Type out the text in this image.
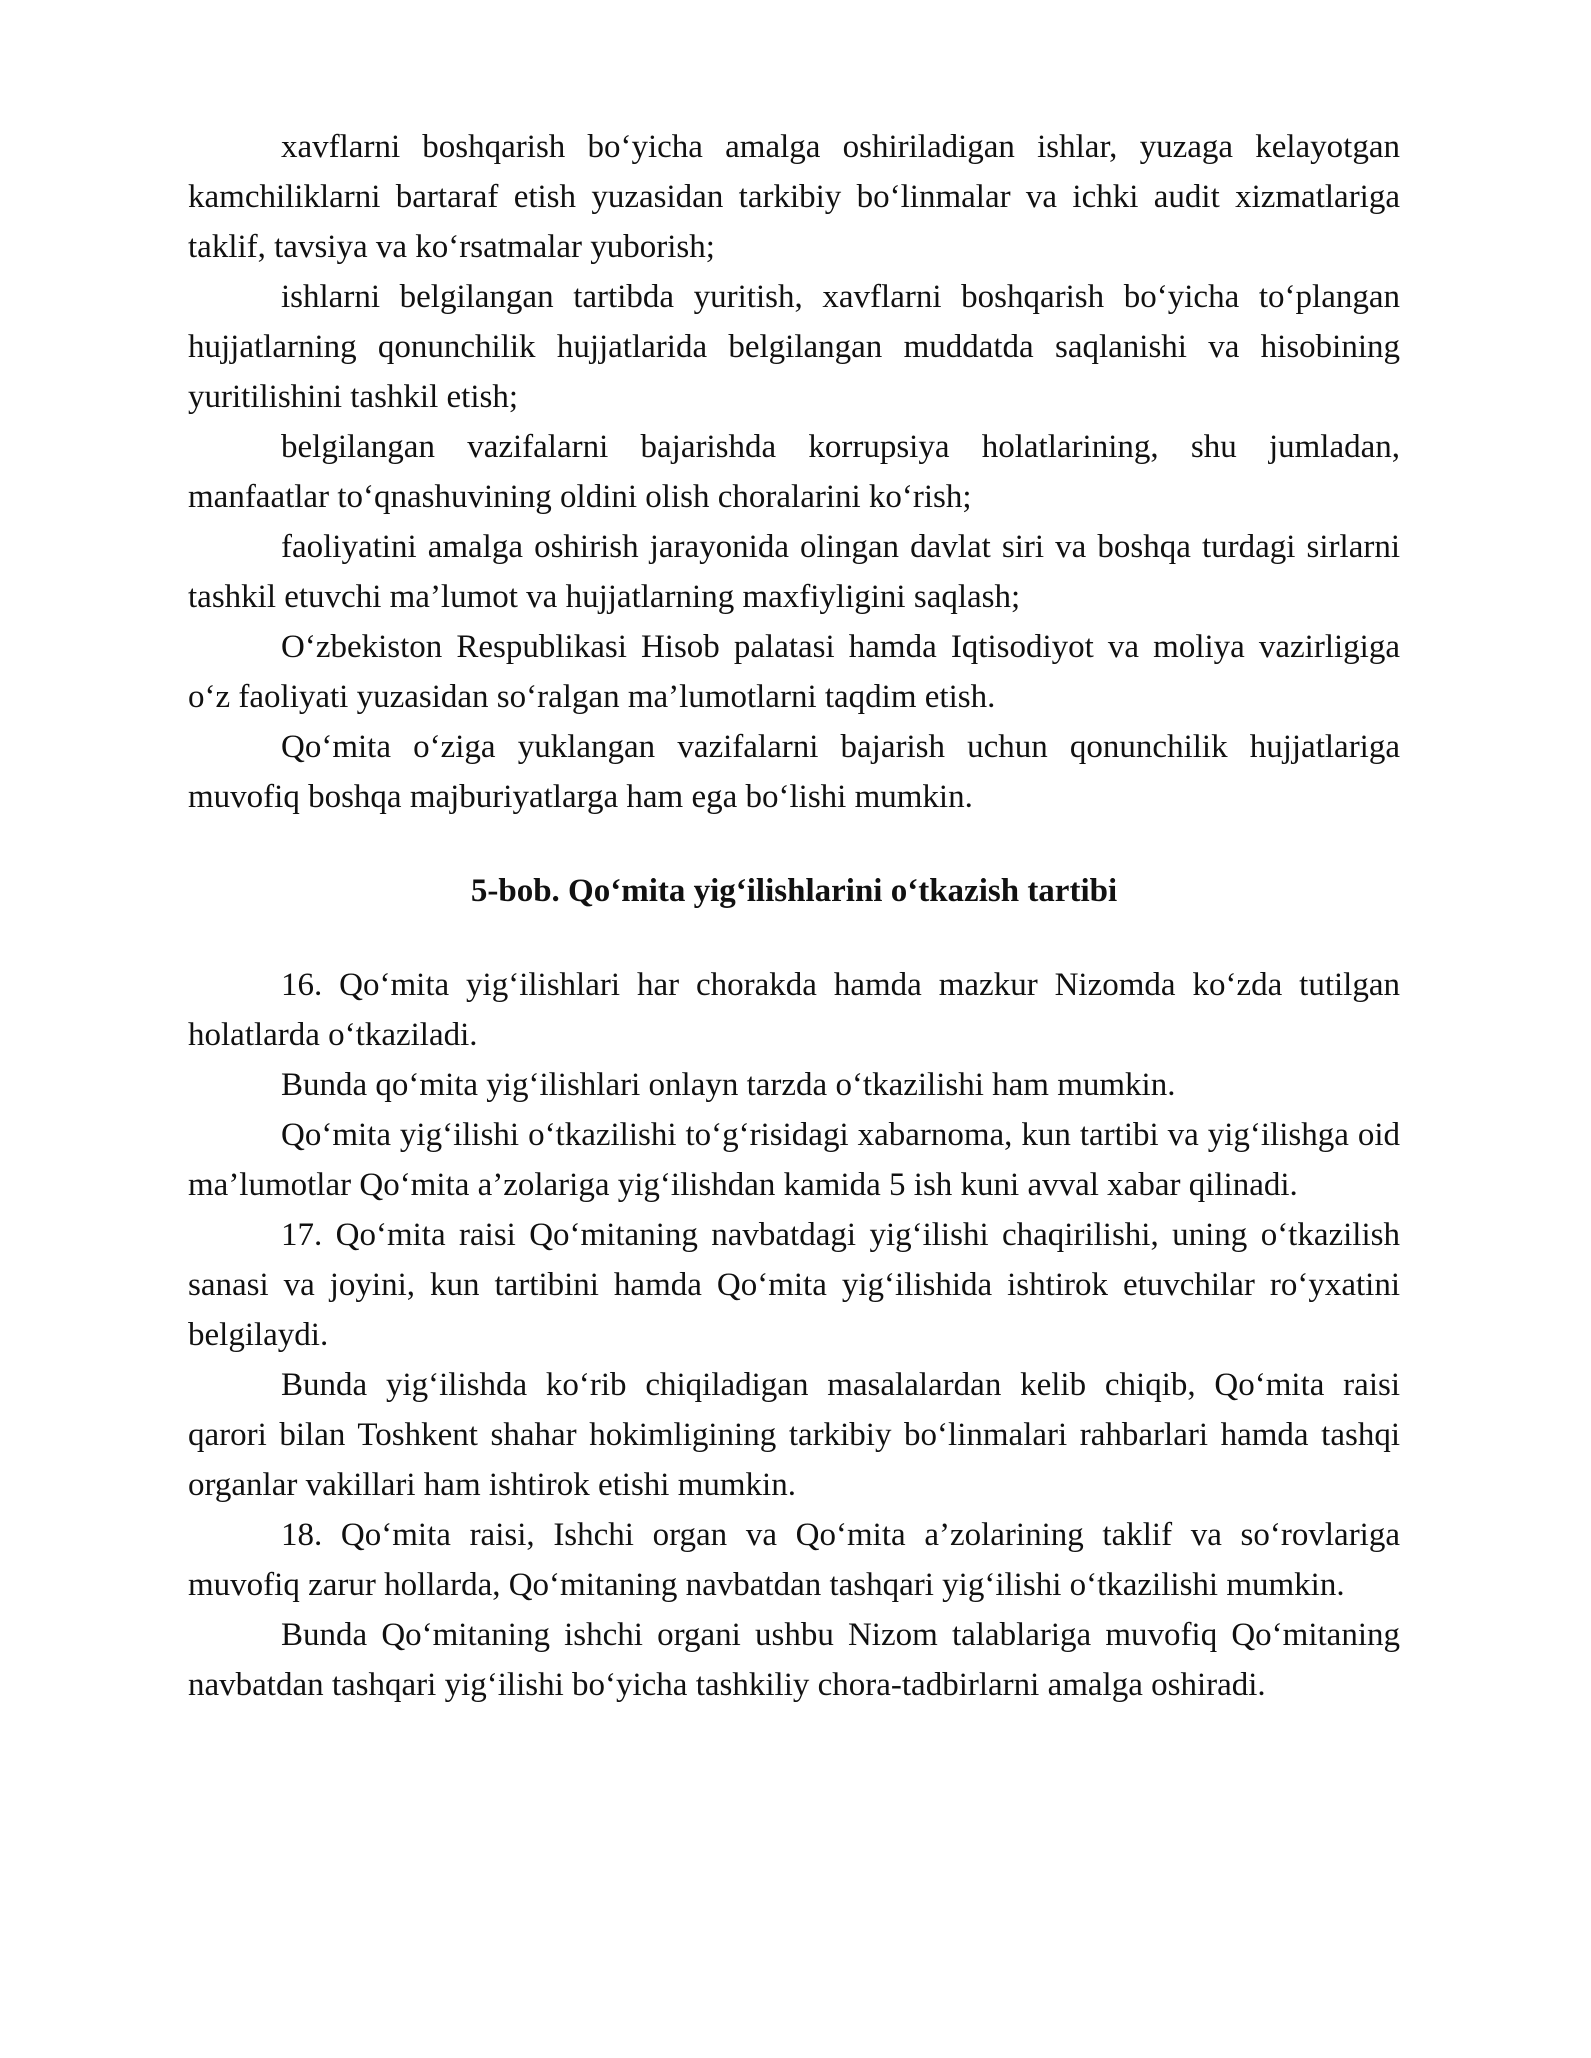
xavflarni boshqarish bo‘yicha amalga oshiriladigan ishlar, yuzaga kelayotgan kamchiliklarni bartaraf etish yuzasidan tarkibiy bo‘linmalar va ichki audit xizmatlariga taklif, tavsiya va ko‘rsatmalar yuborish;

ishlarni belgilangan tartibda yuritish, xavflarni boshqarish bo‘yicha to‘plangan hujjatlarning qonunchilik hujjatlarida belgilangan muddatda saqlanishi va hisobining yuritilishini tashkil etish;

belgilangan vazifalarni bajarishda korrupsiya holatlarining, shu jumladan, manfaatlar to‘qnashuvining oldini olish choralarini ko‘rish;

faoliyatini amalga oshirish jarayonida olingan davlat siri va boshqa turdagi sirlarni tashkil etuvchi ma’lumot va hujjatlarning maxfiyligini saqlash;

O‘zbekiston Respublikasi Hisob palatasi hamda Iqtisodiyot va moliya vazirligiga o‘z faoliyati yuzasidan so‘ralgan ma’lumotlarni taqdim etish.

Qo‘mita o‘ziga yuklangan vazifalarni bajarish uchun qonunchilik hujjatlariga muvofiq boshqa majburiyatlarga ham ega bo‘lishi mumkin.

5-bob. Qo‘mita yig‘ilishlarini o‘tkazish tartibi

16. Qo‘mita yig‘ilishlari har chorakda hamda mazkur Nizomda ko‘zda tutilgan holatlarda o‘tkaziladi.

Bunda qo‘mita yig‘ilishlari onlayn tarzda o‘tkazilishi ham mumkin.

Qo‘mita yig‘ilishi o‘tkazilishi to‘g‘risidagi xabarnoma, kun tartibi va yig‘ilishga oid ma’lumotlar Qo‘mita a’zolariga yig‘ilishdan kamida 5 ish kuni avval xabar qilinadi.

17. Qo‘mita raisi Qo‘mitaning navbatdagi yig‘ilishi chaqirilishi, uning o‘tkazilish sanasi va joyini, kun tartibini hamda Qo‘mita yig‘ilishida ishtirok etuvchilar ro‘yxatini belgilaydi.

Bunda yig‘ilishda ko‘rib chiqiladigan masalalardan kelib chiqib, Qo‘mita raisi qarori bilan Toshkent shahar hokimligining tarkibiy bo‘linmalari rahbarlari hamda tashqi organlar vakillari ham ishtirok etishi mumkin.

18. Qo‘mita raisi, Ishchi organ va Qo‘mita a’zolarining taklif va so‘rovlariga muvofiq zarur hollarda, Qo‘mitaning navbatdan tashqari yig‘ilishi o‘tkazilishi mumkin.

Bunda Qo‘mitaning ishchi organi ushbu Nizom talablariga muvofiq Qo‘mitaning navbatdan tashqari yig‘ilishi bo‘yicha tashkiliy chora-tadbirlarni amalga oshiradi.
